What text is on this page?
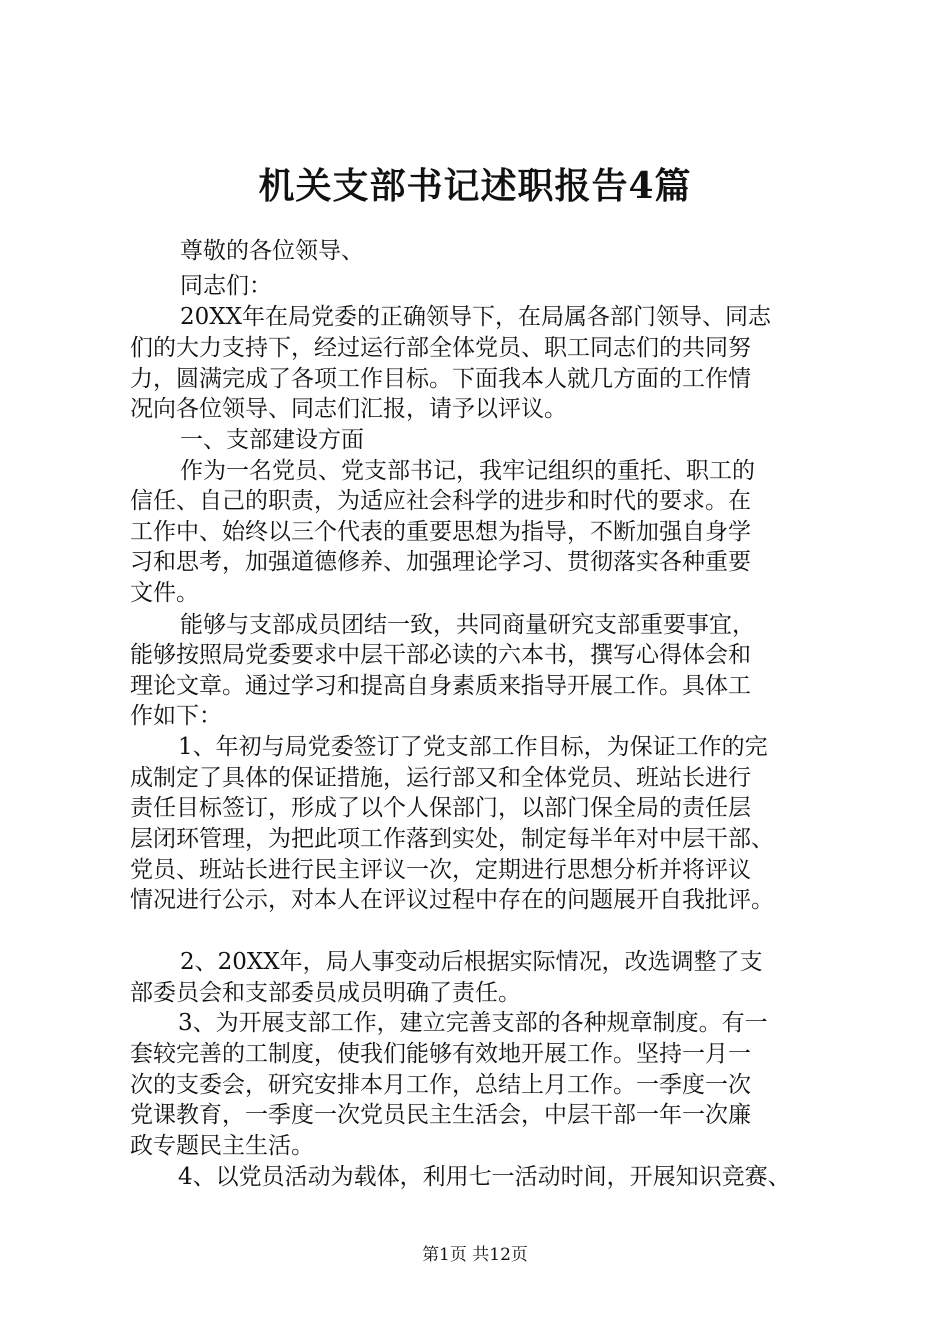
机关支部书记述职报告4篇
尊敬的各位领导、
同志们：
20XX年在局党委的正确领导下，在局属各部门领导、同志
们的大力支持下，经过运行部全体党员、职工同志们的共同努
力，圆满完成了各项工作目标。下面我本人就几方面的工作情
况向各位领导、同志们汇报，请予以评议。
一、支部建设方面
作为一名党员、党支部书记，我牢记组织的重托、职工的
信任、自己的职责，为适应社会科学的进步和时代的要求。在
工作中、始终以三个代表的重要思想为指导，不断加强自身学
习和思考，加强道德修养、加强理论学习、贯彻落实各种重要
文件。
能够与支部成员团结一致，共同商量研究支部重要事宜，
能够按照局党委要求中层干部必读的六本书，撰写心得体会和
理论文章。通过学习和提高自身素质来指导开展工作。具体工
作如下：
1、年初与局党委签订了党支部工作目标，为保证工作的完
成制定了具体的保证措施，运行部又和全体党员、班站长进行
责任目标签订，形成了以个人保部门，以部门保全局的责任层
层闭环管理，为把此项工作落到实处，制定每半年对中层干部、
党员、班站长进行民主评议一次，定期进行思想分析并将评议
情况进行公示，对本人在评议过程中存在的问题展开自我批评。
2、20XX年，局人事变动后根据实际情况，改选调整了支
部委员会和支部委员成员明确了责任。
3、为开展支部工作，建立完善支部的各种规章制度。有一
套较完善的工制度，使我们能够有效地开展工作。坚持一月一
次的支委会，研究安排本月工作，总结上月工作。一季度一次
党课教育，一季度一次党员民主生活会，中层干部一年一次廉
政专题民主生活。
4、以党员活动为载体，利用七一活动时间，开展知识竞赛、
第1页 共12页
